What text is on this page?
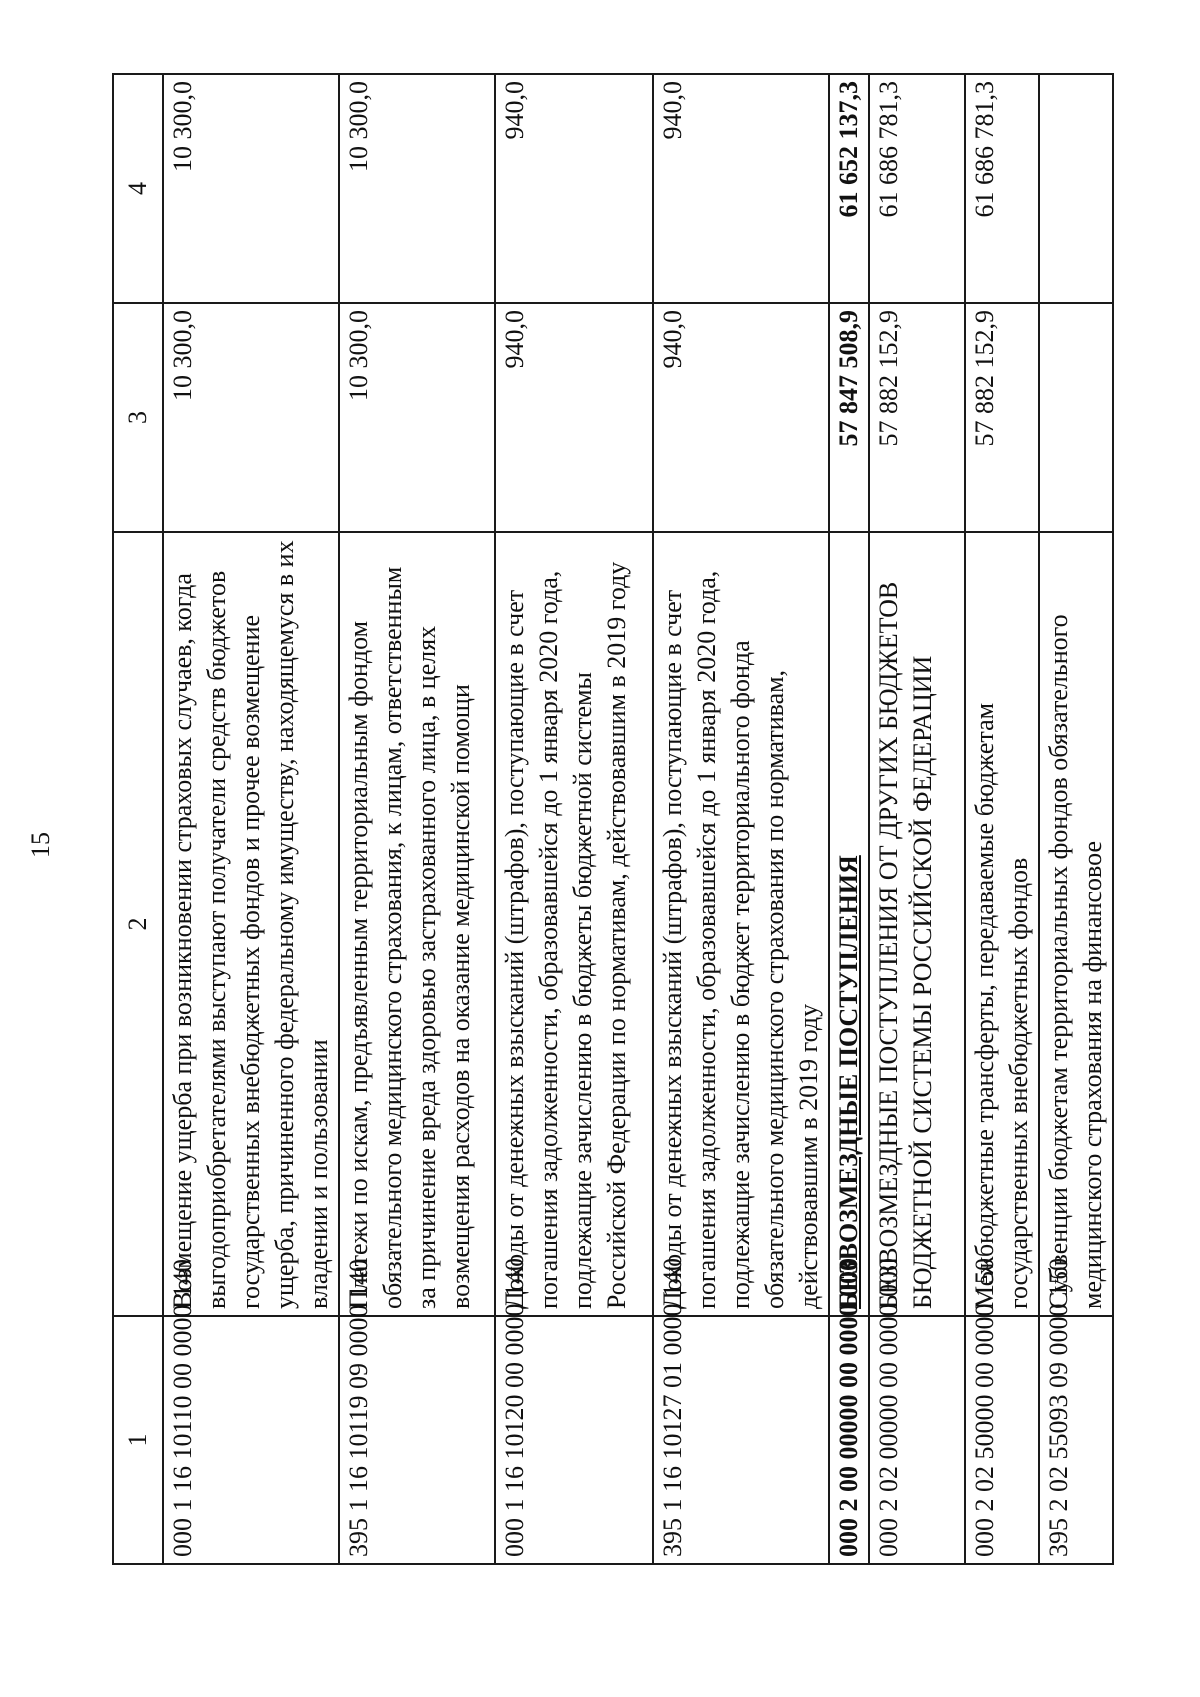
15
1	2	3	4
000 1 16 10110 00 0000 140	Возмещение ущерба при возникновении страховых случаев, когда выгодоприобретателями выступают получатели средств бюджетов государственных внебюджетных фондов и прочее возмещение ущерба, причиненного федеральному имуществу, находящемуся в их владении и пользовании	10 300,0	10 300,0
395 1 16 10119 09 0000 140	Платежи по искам, предъявленным территориальным фондом обязательного медицинского страхования, к лицам, ответственным за причинение вреда здоровью застрахованного лица, в целях возмещения расходов на оказание медицинской помощи	10 300,0	10 300,0
000 1 16 10120 00 0000 140	Доходы от денежных взысканий (штрафов), поступающие в счет погашения задолженности, образовавшейся до 1 января 2020 года, подлежащие зачислению в бюджеты бюджетной системы Российской Федерации по нормативам, действовавшим в 2019 году	940,0	940,0
395 1 16 10127 01 0000 140	Доходы от денежных взысканий (штрафов), поступающие в счет погашения задолженности, образовавшейся до 1 января 2020 года, подлежащие зачислению в бюджет территориального фонда обязательного медицинского страхования по нормативам, действовавшим в 2019 году	940,0	940,0
000 2 00 00000 00 0000 000	БЕЗВОЗМЕЗДНЫЕ ПОСТУПЛЕНИЯ	57 847 508,9	61 652 137,3
000 2 02 00000 00 0000 000	БЕЗВОЗМЕЗДНЫЕ ПОСТУПЛЕНИЯ ОТ ДРУГИХ БЮДЖЕТОВ БЮДЖЕТНОЙ СИСТЕМЫ РОССИЙСКОЙ ФЕДЕРАЦИИ	57 882 152,9	61 686 781,3
000 2 02 50000 00 0000 150	Межбюджетные трансферты, передаваемые бюджетам государственных внебюджетных фондов	57 882 152,9	61 686 781,3
395 2 02 55093 09 0000 150	Субвенции бюджетам территориальных фондов обязательного медицинского страхования на финансовое		
